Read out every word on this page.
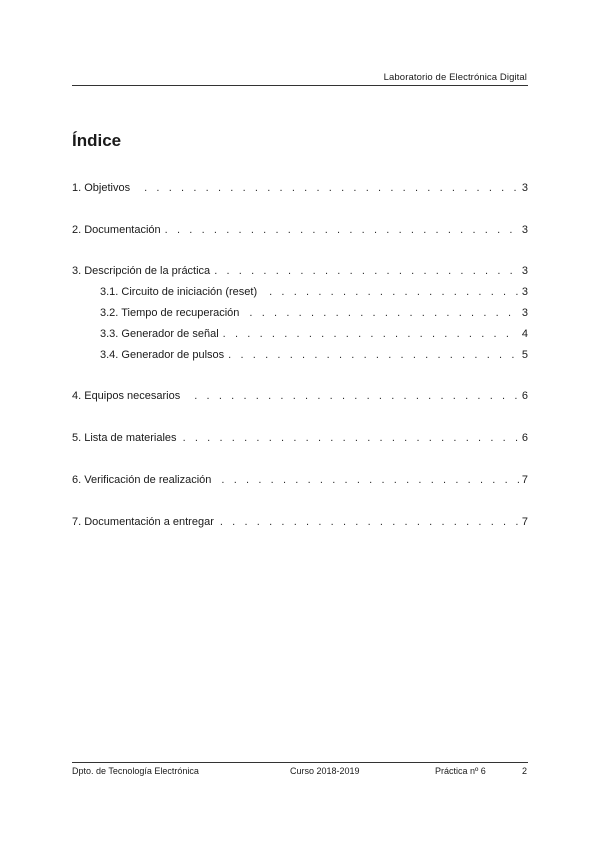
Laboratorio de Electrónica Digital
Índice
1. Objetivos . . .	3
2. Documentación . . .	3
3. Descripción de la práctica . . .	3
3.1. Circuito de iniciación (reset) . . .	3
3.2. Tiempo de recuperación . . .	3
3.3. Generador de señal . . .	4
3.4. Generador de pulsos . . .	5
4. Equipos necesarios . . .	6
5. Lista de materiales . . .	6
6. Verificación de realización . . .	7
7. Documentación a entregar . . .	7
Dpto. de Tecnología Electrónica	Curso 2018-2019	Práctica nº 6	2
